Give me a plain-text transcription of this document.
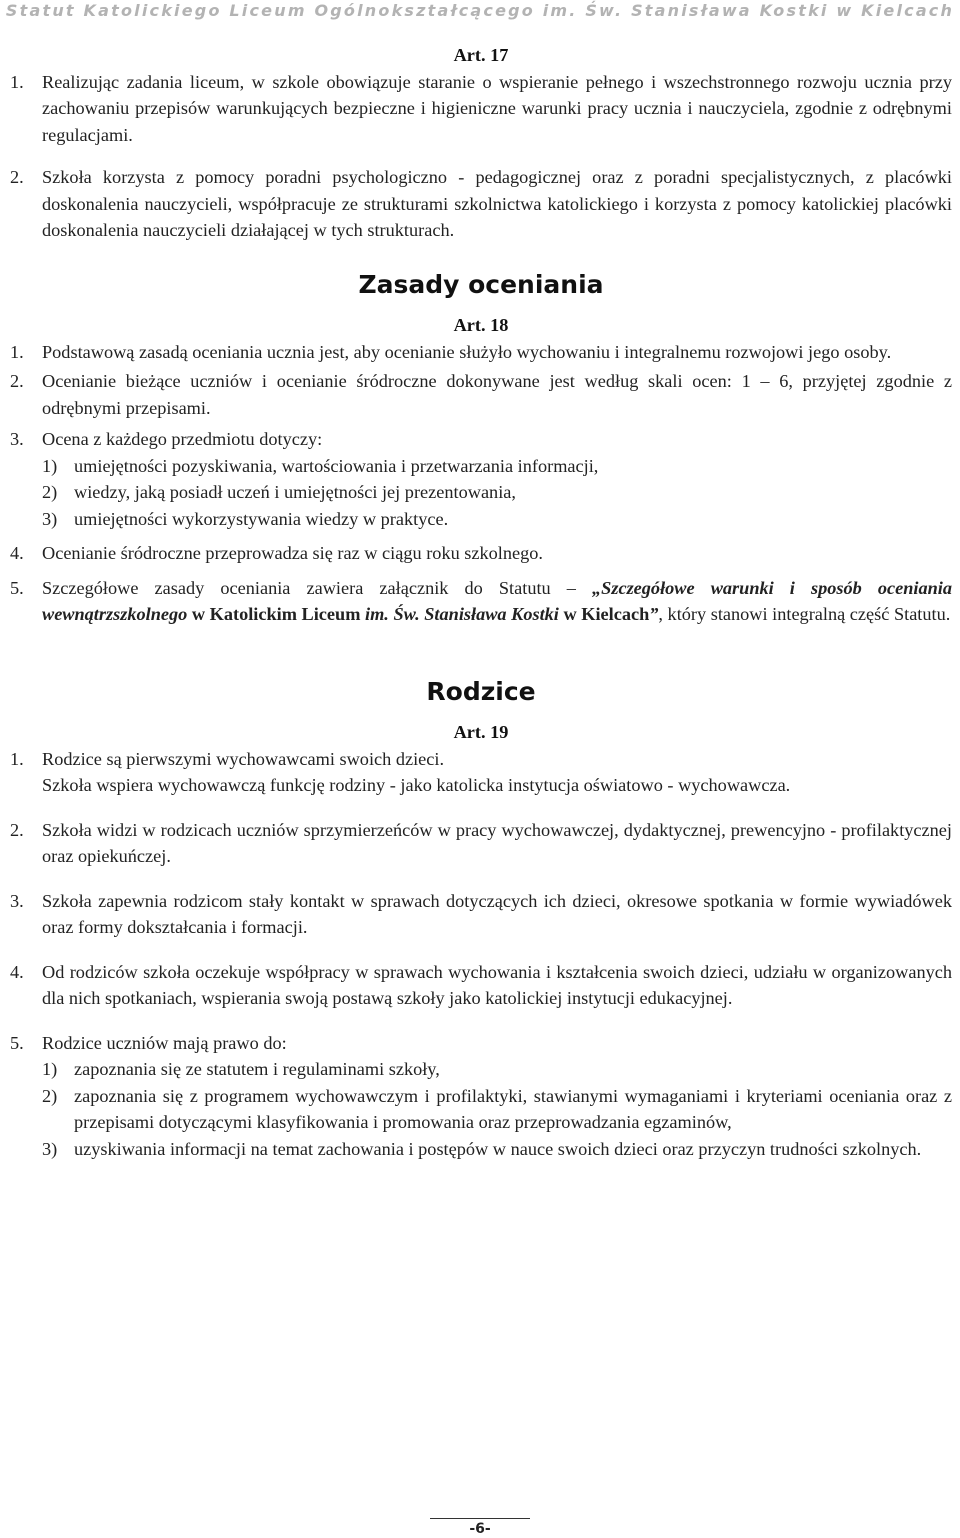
Statut Katolickiego Liceum Ogólnokształcącego im. Św. Stanisława Kostki w Kielcach
Art. 17
1. Realizując zadania liceum, w szkole obowiązuje staranie o wspieranie pełnego i wszechstronnego rozwoju ucznia przy zachowaniu przepisów warunkujących bezpieczne i higieniczne warunki pracy ucznia i nauczyciela, zgodnie z odrębnymi regulacjami.
2. Szkoła korzysta z pomocy poradni psychologiczno - pedagogicznej oraz z poradni specjalistycznych, z placówki doskonalenia nauczycieli, współpracuje ze strukturami szkolnictwa katolickiego i korzysta z pomocy katolickiej placówki doskonalenia nauczycieli działającej w tych strukturach.
Zasady oceniania
Art. 18
1. Podstawową zasadą oceniania ucznia jest, aby ocenianie służyło wychowaniu i integralnemu rozwojowi jego osoby.
2. Ocenianie bieżące uczniów i ocenianie śródroczne dokonywane jest według skali ocen: 1 – 6, przyjętej zgodnie z odrębnymi przepisami.
3. Ocena z każdego przedmiotu dotyczy:
1) umiejętności pozyskiwania, wartościowania i przetwarzania informacji,
2) wiedzy, jaką posiadł uczeń i umiejętności jej prezentowania,
3) umiejętności wykorzystywania wiedzy w praktyce.
4. Ocenianie śródroczne przeprowadza się raz w ciągu roku szkolnego.
5. Szczegółowe zasady oceniania zawiera załącznik do Statutu – „Szczegółowe warunki i sposób oceniania wewnątrzszkolnego w Katolickim Liceum im. Św. Stanisława Kostki w Kielcach”, który stanowi integralną część Statutu.
Rodzice
Art. 19
1. Rodzice są pierwszymi wychowawcami swoich dzieci.
Szkoła wspiera wychowawczą funkcję rodziny - jako katolicka instytucja oświatowo - wychowawcza.
2. Szkoła widzi w rodzicach uczniów sprzymierzeńców w pracy wychowawczej, dydaktycznej, prewencyjno - profilaktycznej oraz opiekuńczej.
3. Szkoła zapewnia rodzicom stały kontakt w sprawach dotyczących ich dzieci, okresowe spotkania w formie wywiadówek oraz formy dokształcania i formacji.
4. Od rodziców szkoła oczekuje współpracy w sprawach wychowania i kształcenia swoich dzieci, udziału w organizowanych dla nich spotkaniach, wspierania swoją postawą szkoły jako katolickiej instytucji edukacyjnej.
5. Rodzice uczniów mają prawo do:
1) zapoznania się ze statutem i regulaminami szkoły,
2) zapoznania się z programem wychowawczym i profilaktyki, stawianymi wymaganiami i kryteriami oceniania oraz z przepisami dotyczącymi klasyfikowania i promowania oraz przeprowadzania egzaminów,
3) uzyskiwania informacji na temat zachowania i postępów w nauce swoich dzieci oraz przyczyn trudności szkolnych.
-6-
